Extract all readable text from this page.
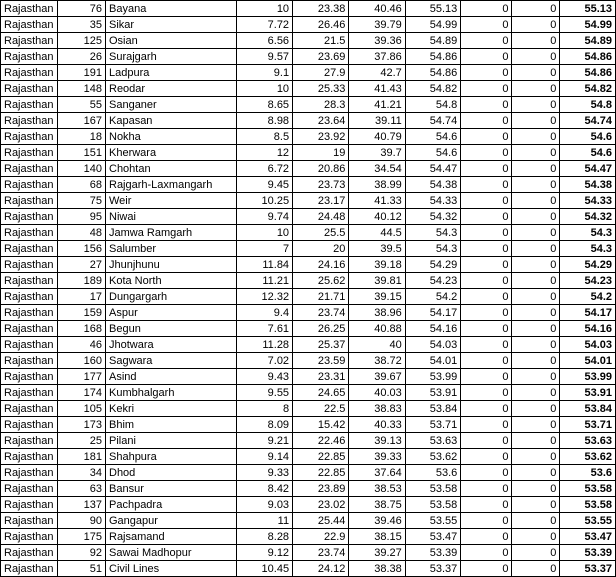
Rajasthan	76	Bayana	10	23.38	40.46	55.13	0	0	55.13
Rajasthan	35	Sikar	7.72	26.46	39.79	54.99	0	0	54.99
Rajasthan	125	Osian	6.56	21.5	39.36	54.89	0	0	54.89
Rajasthan	26	Surajgarh	9.57	23.69	37.86	54.86	0	0	54.86
Rajasthan	191	Ladpura	9.1	27.9	42.7	54.86	0	0	54.86
Rajasthan	148	Reodar	10	25.33	41.43	54.82	0	0	54.82
Rajasthan	55	Sanganer	8.65	28.3	41.21	54.8	0	0	54.8
Rajasthan	167	Kapasan	8.98	23.64	39.11	54.74	0	0	54.74
Rajasthan	18	Nokha	8.5	23.92	40.79	54.6	0	0	54.6
Rajasthan	151	Kherwara	12	19	39.7	54.6	0	0	54.6
Rajasthan	140	Chohtan	6.72	20.86	34.54	54.47	0	0	54.47
Rajasthan	68	Rajgarh-Laxmangarh	9.45	23.73	38.99	54.38	0	0	54.38
Rajasthan	75	Weir	10.25	23.17	41.33	54.33	0	0	54.33
Rajasthan	95	Niwai	9.74	24.48	40.12	54.32	0	0	54.32
Rajasthan	48	Jamwa Ramgarh	10	25.5	44.5	54.3	0	0	54.3
Rajasthan	156	Salumber	7	20	39.5	54.3	0	0	54.3
Rajasthan	27	Jhunjhunu	11.84	24.16	39.18	54.29	0	0	54.29
Rajasthan	189	Kota North	11.21	25.62	39.81	54.23	0	0	54.23
Rajasthan	17	Dungargarh	12.32	21.71	39.15	54.2	0	0	54.2
Rajasthan	159	Aspur	9.4	23.74	38.96	54.17	0	0	54.17
Rajasthan	168	Begun	7.61	26.25	40.88	54.16	0	0	54.16
Rajasthan	46	Jhotwara	11.28	25.37	40	54.03	0	0	54.03
Rajasthan	160	Sagwara	7.02	23.59	38.72	54.01	0	0	54.01
Rajasthan	177	Asind	9.43	23.31	39.67	53.99	0	0	53.99
Rajasthan	174	Kumbhalgarh	9.55	24.65	40.03	53.91	0	0	53.91
Rajasthan	105	Kekri	8	22.5	38.83	53.84	0	0	53.84
Rajasthan	173	Bhim	8.09	15.42	40.33	53.71	0	0	53.71
Rajasthan	25	Pilani	9.21	22.46	39.13	53.63	0	0	53.63
Rajasthan	181	Shahpura	9.14	22.85	39.33	53.62	0	0	53.62
Rajasthan	34	Dhod	9.33	22.85	37.64	53.6	0	0	53.6
Rajasthan	63	Bansur	8.42	23.89	38.53	53.58	0	0	53.58
Rajasthan	137	Pachpadra	9.03	23.02	38.75	53.58	0	0	53.58
Rajasthan	90	Gangapur	11	25.44	39.46	53.55	0	0	53.55
Rajasthan	175	Rajsamand	8.28	22.9	38.15	53.47	0	0	53.47
Rajasthan	92	Sawai Madhopur	9.12	23.74	39.27	53.39	0	0	53.39
Rajasthan	51	Civil Lines	10.45	24.12	38.38	53.37	0	0	53.37
